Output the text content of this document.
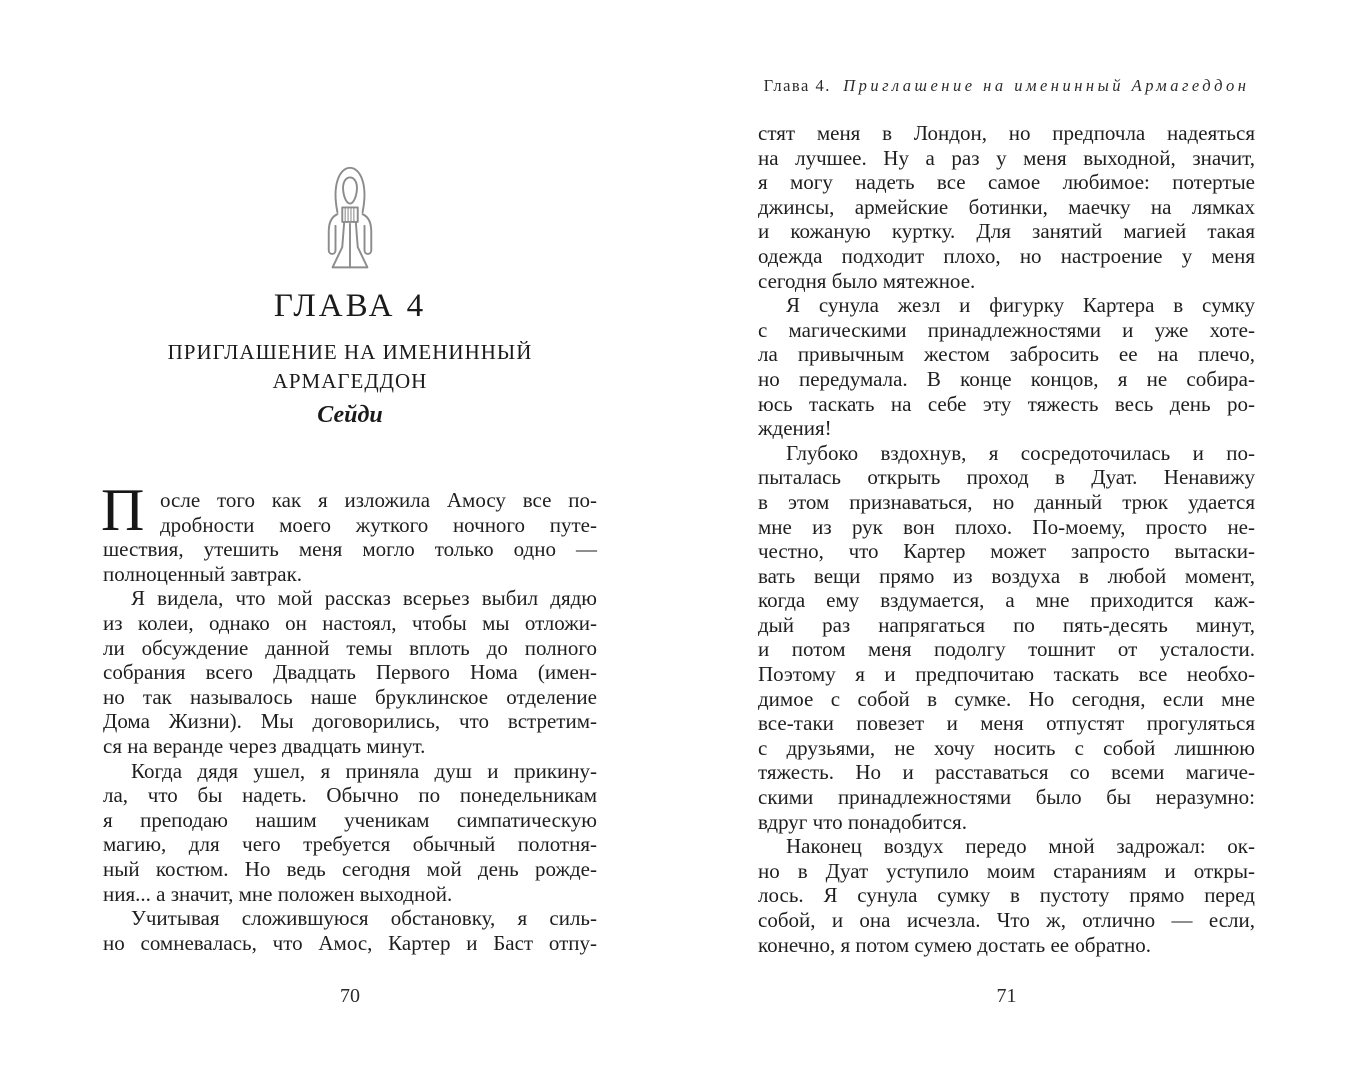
ГЛАВА 4
ПРИГЛАШЕНИЕ НА ИМЕНИННЫЙ
АРМАГЕДДОН
Сейди
П осле того как я изложила Амосу все по-
дробности моего жуткого ночного путе-
шествия, утешить меня могло только одно —
полноценный завтрак.
Я видела, что мой рассказ всерьез выбил дядю
из колеи, однако он настоял, чтобы мы отложи-
ли обсуждение данной темы вплоть до полного
собрания всего Двадцать Первого Нома (имен-
но так называлось наше бруклинское отделение
Дома Жизни). Мы договорились, что встретим-
ся на веранде через двадцать минут.
Когда дядя ушел, я приняла душ и прикину-
ла, что бы надеть. Обычно по понедельникам
я преподаю нашим ученикам симпатическую
магию, для чего требуется обычный полотня-
ный костюм. Но ведь сегодня мой день рожде-
ния... а значит, мне положен выходной.
Учитывая сложившуюся обстановку, я силь-
но сомневалась, что Амос, Картер и Баст отпу-
70
Глава 4. Приглашение на именинный Армагеддон
стят меня в Лондон, но предпочла надеяться
на лучшее. Ну а раз у меня выходной, значит,
я могу надеть все самое любимое: потертые
джинсы, армейские ботинки, маечку на лямках
и кожаную куртку. Для занятий магией такая
одежда подходит плохо, но настроение у меня
сегодня было мятежное.
Я сунула жезл и фигурку Картера в сумку
с магическими принадлежностями и уже хоте-
ла привычным жестом забросить ее на плечо,
но передумала. В конце концов, я не собира-
юсь таскать на себе эту тяжесть весь день ро-
ждения!
Глубоко вздохнув, я сосредоточилась и по-
пыталась открыть проход в Дуат. Ненавижу
в этом признаваться, но данный трюк удается
мне из рук вон плохо. По-моему, просто не-
честно, что Картер может запросто вытаски-
вать вещи прямо из воздуха в любой момент,
когда ему вздумается, а мне приходится каж-
дый раз напрягаться по пять-десять минут,
и потом меня подолгу тошнит от усталости.
Поэтому я и предпочитаю таскать все необхо-
димое с собой в сумке. Но сегодня, если мне
все-таки повезет и меня отпустят прогуляться
с друзьями, не хочу носить с собой лишнюю
тяжесть. Но и расставаться со всеми магиче-
скими принадлежностями было бы неразумно:
вдруг что понадобится.
Наконец воздух передо мной задрожал: ок-
но в Дуат уступило моим стараниям и откры-
лось. Я сунула сумку в пустоту прямо перед
собой, и она исчезла. Что ж, отлично — если,
конечно, я потом сумею достать ее обратно.
71
